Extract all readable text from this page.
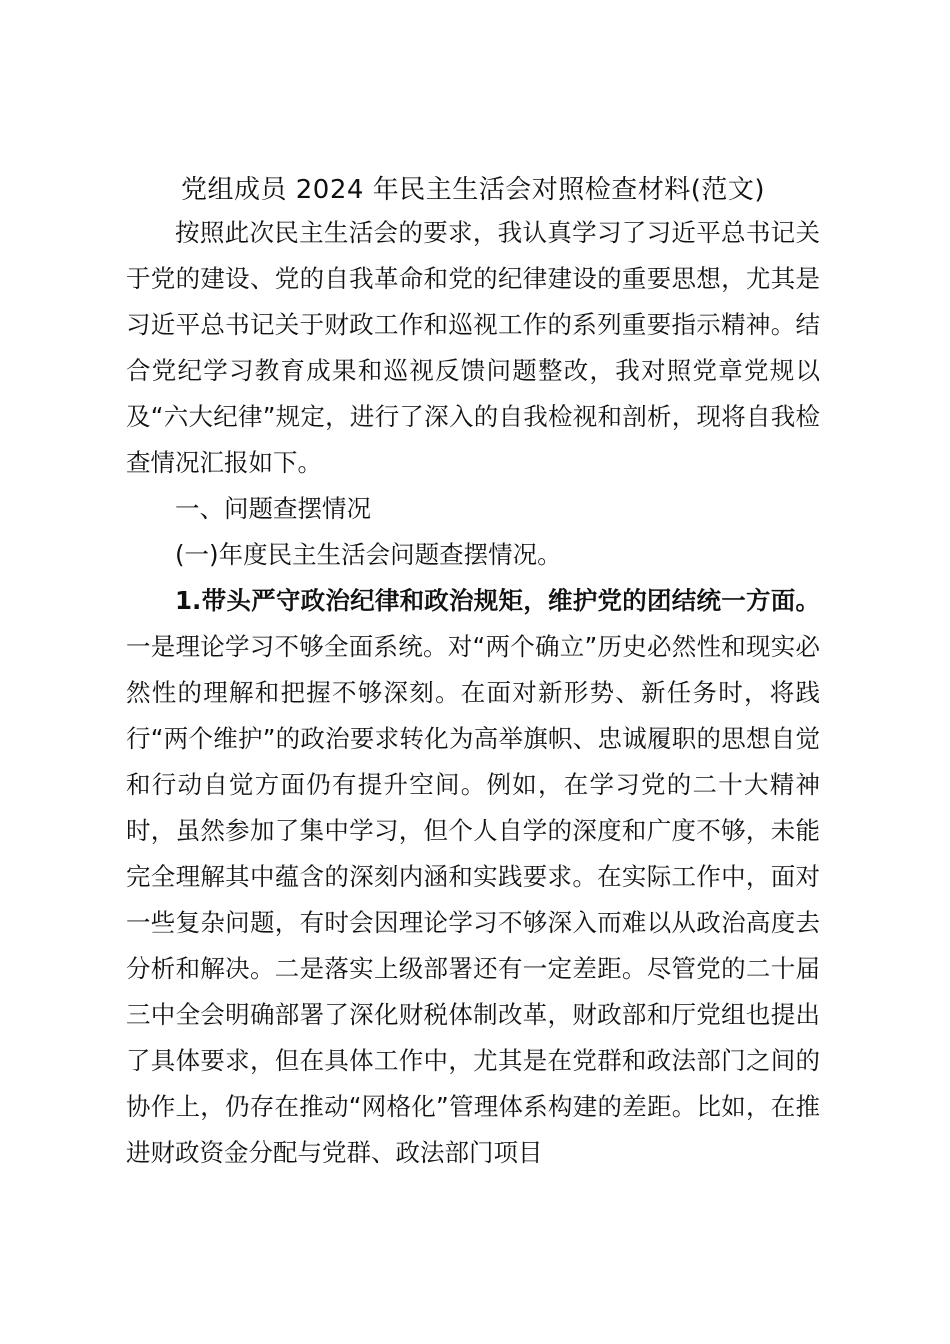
党组成员 2024 年民主生活会对照检查材料(范文)

按照此次民主生活会的要求，我认真学习了习近平总书记关于党的建设、党的自我革命和党的纪律建设的重要思想，尤其是习近平总书记关于财政工作和巡视工作的系列重要指示精神。结合党纪学习教育成果和巡视反馈问题整改，我对照党章党规以及“六大纪律”规定，进行了深入的自我检视和剖析，现将自我检查情况汇报如下。

一、问题查摆情况

(一)年度民主生活会问题查摆情况。

1.带头严守政治纪律和政治规矩，维护党的团结统一方面。一是理论学习不够全面系统。对“两个确立”历史必然性和现实必然性的理解和把握不够深刻。在面对新形势、新任务时，将践行“两个维护”的政治要求转化为高举旗帜、忠诚履职的思想自觉和行动自觉方面仍有提升空间。例如，在学习党的二十大精神时，虽然参加了集中学习，但个人自学的深度和广度不够，未能完全理解其中蕴含的深刻内涵和实践要求。在实际工作中，面对一些复杂问题，有时会因理论学习不够深入而难以从政治高度去分析和解决。二是落实上级部署还有一定差距。尽管党的二十届三中全会明确部署了深化财税体制改革，财政部和厅党组也提出了具体要求，但在具体工作中，尤其是在党群和政法部门之间的协作上，仍存在推动“网格化”管理体系构建的差距。比如，在推进财政资金分配与党群、政法部门项目
